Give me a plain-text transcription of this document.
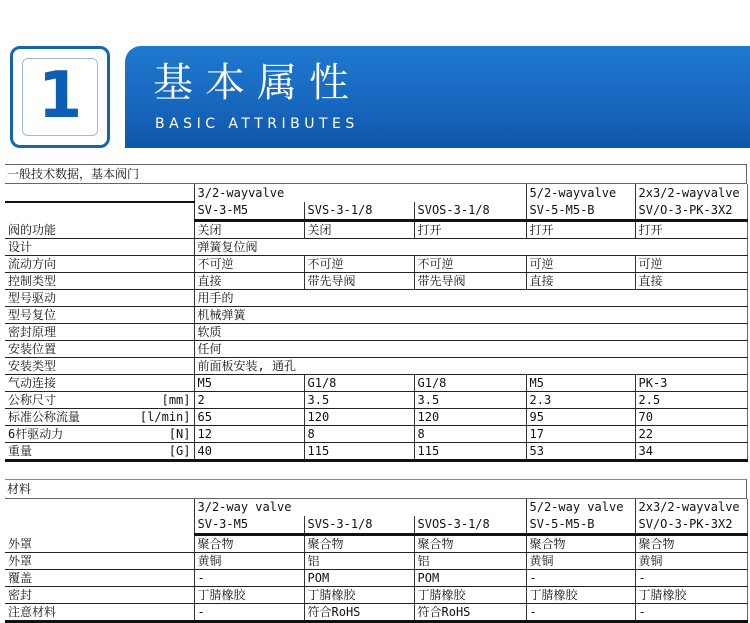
1	基本属性
BASIC ATTRIBUTES
一般技术数据，基本阀门
	3/2-wayvalve			5/2-wayvalve	2x3/2-wayvalve
	SV-3-M5	SVS-3-1/8	SVOS-3-1/8	SV-5-M5-B	SV/O-3-PK-3X2

阀的功能	关闭	关闭	打开	打开	打开

设计	弹簧复位阀				

流动方向	不可逆	不可逆	不可逆	可逆	可逆

控制类型	直接	带先导阀	带先导阀	直接	直接

型号驱动	用手的				

型号复位	机械弹簧				

密封原理	软质				

安装位置	任何				

安装类型	前面板安装, 通孔				

气动连接	M5	G1/8	G1/8	M5	PK-3

公称尺寸 [mm]	2	3.5	3.5	2.3	2.5

标准公称流量 [l/min]	65	120	120	95	70

6杆驱动力 [N]	12	8	8	17	22

重量 [G]	40	115	115	53	34
材料
	3/2-way valve			5/2-way valve	2x3/2-wayvalve
	SV-3-M5	SVS-3-1/8	SVOS-3-1/8	SV-5-M5-B	SV/O-3-PK-3X2
外罩	聚合物	聚合物	聚合物	聚合物	聚合物
外罩	黄铜	铝	铝	黄铜	黄铜
覆盖	-	POM	POM	-	-
密封	丁腈橡胶	丁腈橡胶	丁腈橡胶	丁腈橡胶	丁腈橡胶
注意材料	-	符合RoHS	符合RoHS	-	-
